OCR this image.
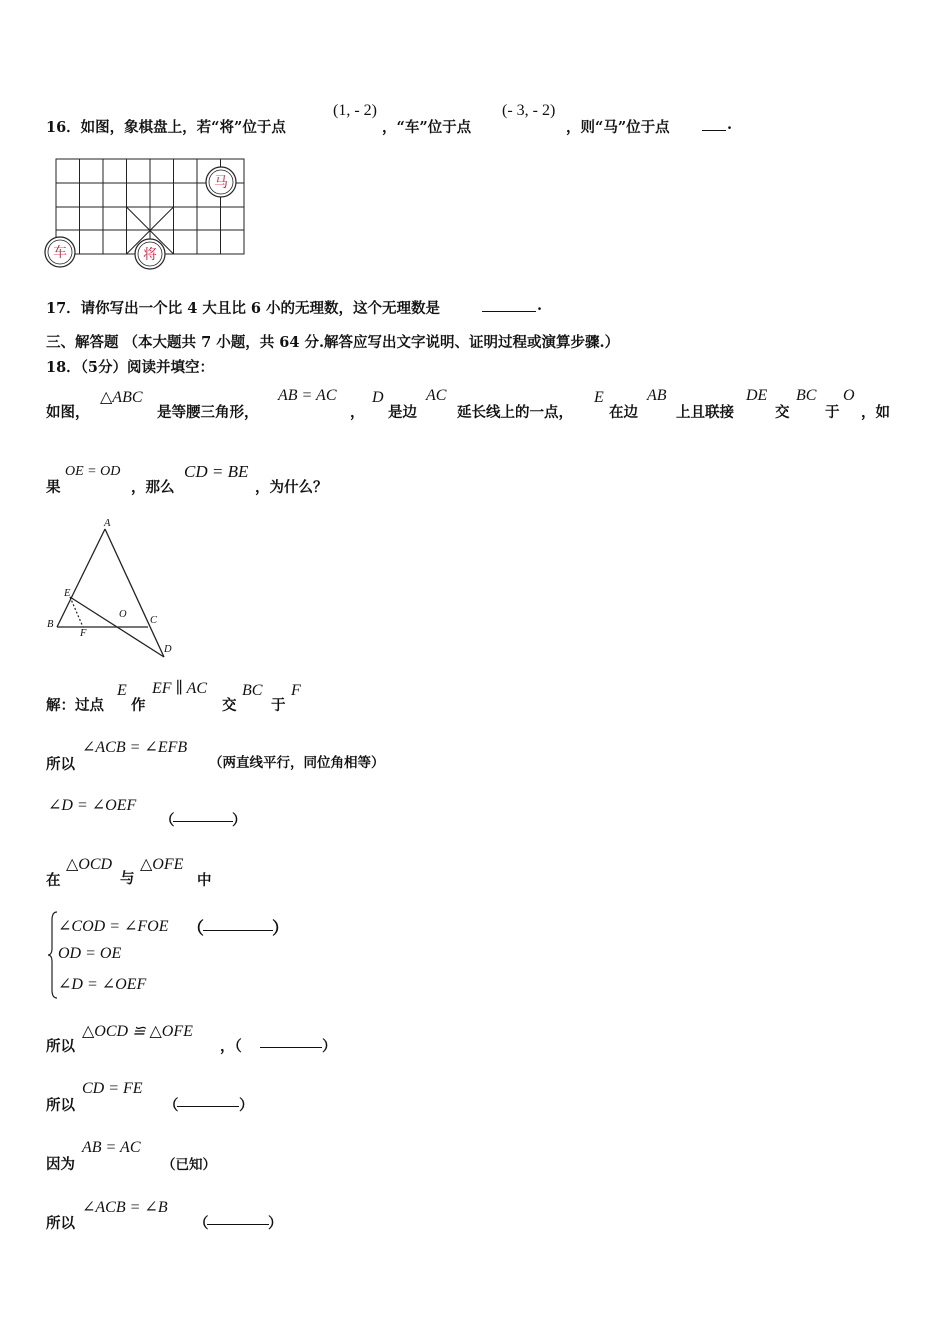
16．如图，象棋盘上，若“将”位于点
(1, - 2)
，“车”位于点
(- 3, - 2)
，则“马”位于点	.
马
车	将
17．请你写出一个比 4 大且比 6 小的无理数，这个无理数是	.
三、解答题 （本大题共 7 小题，共 64 分.解答应写出文字说明、证明过程或演算步骤.）
18．（5分）阅读并填空：
如图，
△ABC
是等腰三角形，
AB = AC
，
D
是边
AC
延长线上的一点，
E
在边
AB
上且联接
DE
交
BC
于
O
，如
果
OE = OD
，那么
CD = BE
，为什么？
A
B	C
D
E
F
O
解：过点
E
作
EF ∥ AC
交
BC
于
F
所以
∠ACB = ∠EFB
（两直线平行，同位角相等）
∠D = ∠OEF
（	）
在
△OCD
与
△OFE
中
∠COD = ∠FOE （	）
OD = OE
∠D = ∠OEF
所以
△OCD ≌ △OFE
，（	）
所以
CD = FE
（	）
因为
AB = AC
（已知）
所以
∠ACB = ∠B
（	）
